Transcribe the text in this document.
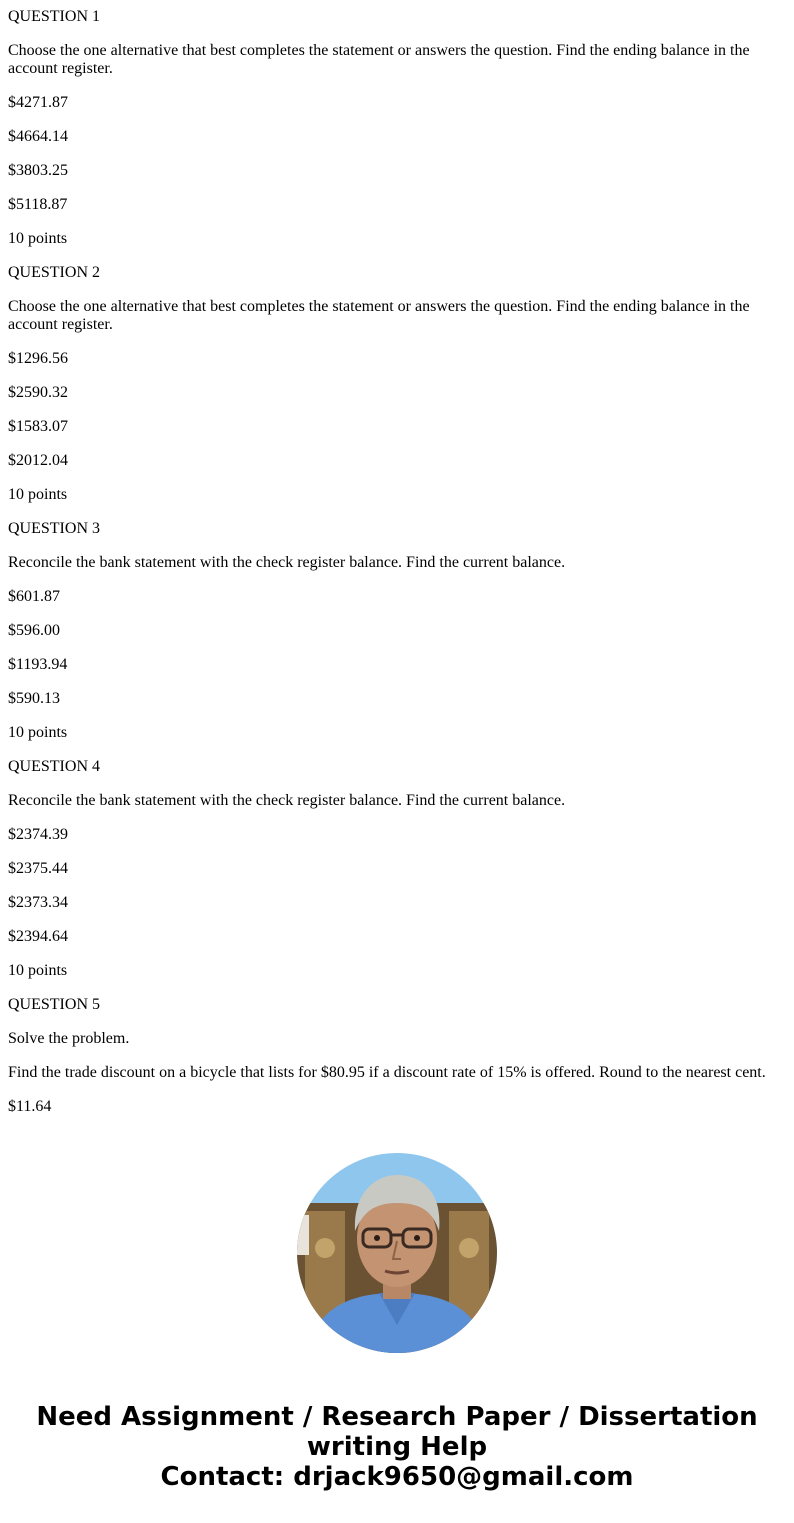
QUESTION 1

Choose the one alternative that best completes the statement or answers the question. Find the ending balance in the account register.

$4271.87

$4664.14

$3803.25

$5118.87

10 points

QUESTION 2

Choose the one alternative that best completes the statement or answers the question. Find the ending balance in the account register.

$1296.56

$2590.32

$1583.07

$2012.04

10 points

QUESTION 3

Reconcile the bank statement with the check register balance. Find the current balance.

$601.87

$596.00

$1193.94

$590.13

10 points

QUESTION 4

Reconcile the bank statement with the check register balance. Find the current balance.

$2374.39

$2375.44

$2373.34

$2394.64

10 points

QUESTION 5

Solve the problem.

Find the trade discount on a bicycle that lists for $80.95 if a discount rate of 15% is offered. Round to the nearest cent.

$11.64

Need Assignment / Research Paper / Dissertation
writing Help
Contact: drjack9650@gmail.com
